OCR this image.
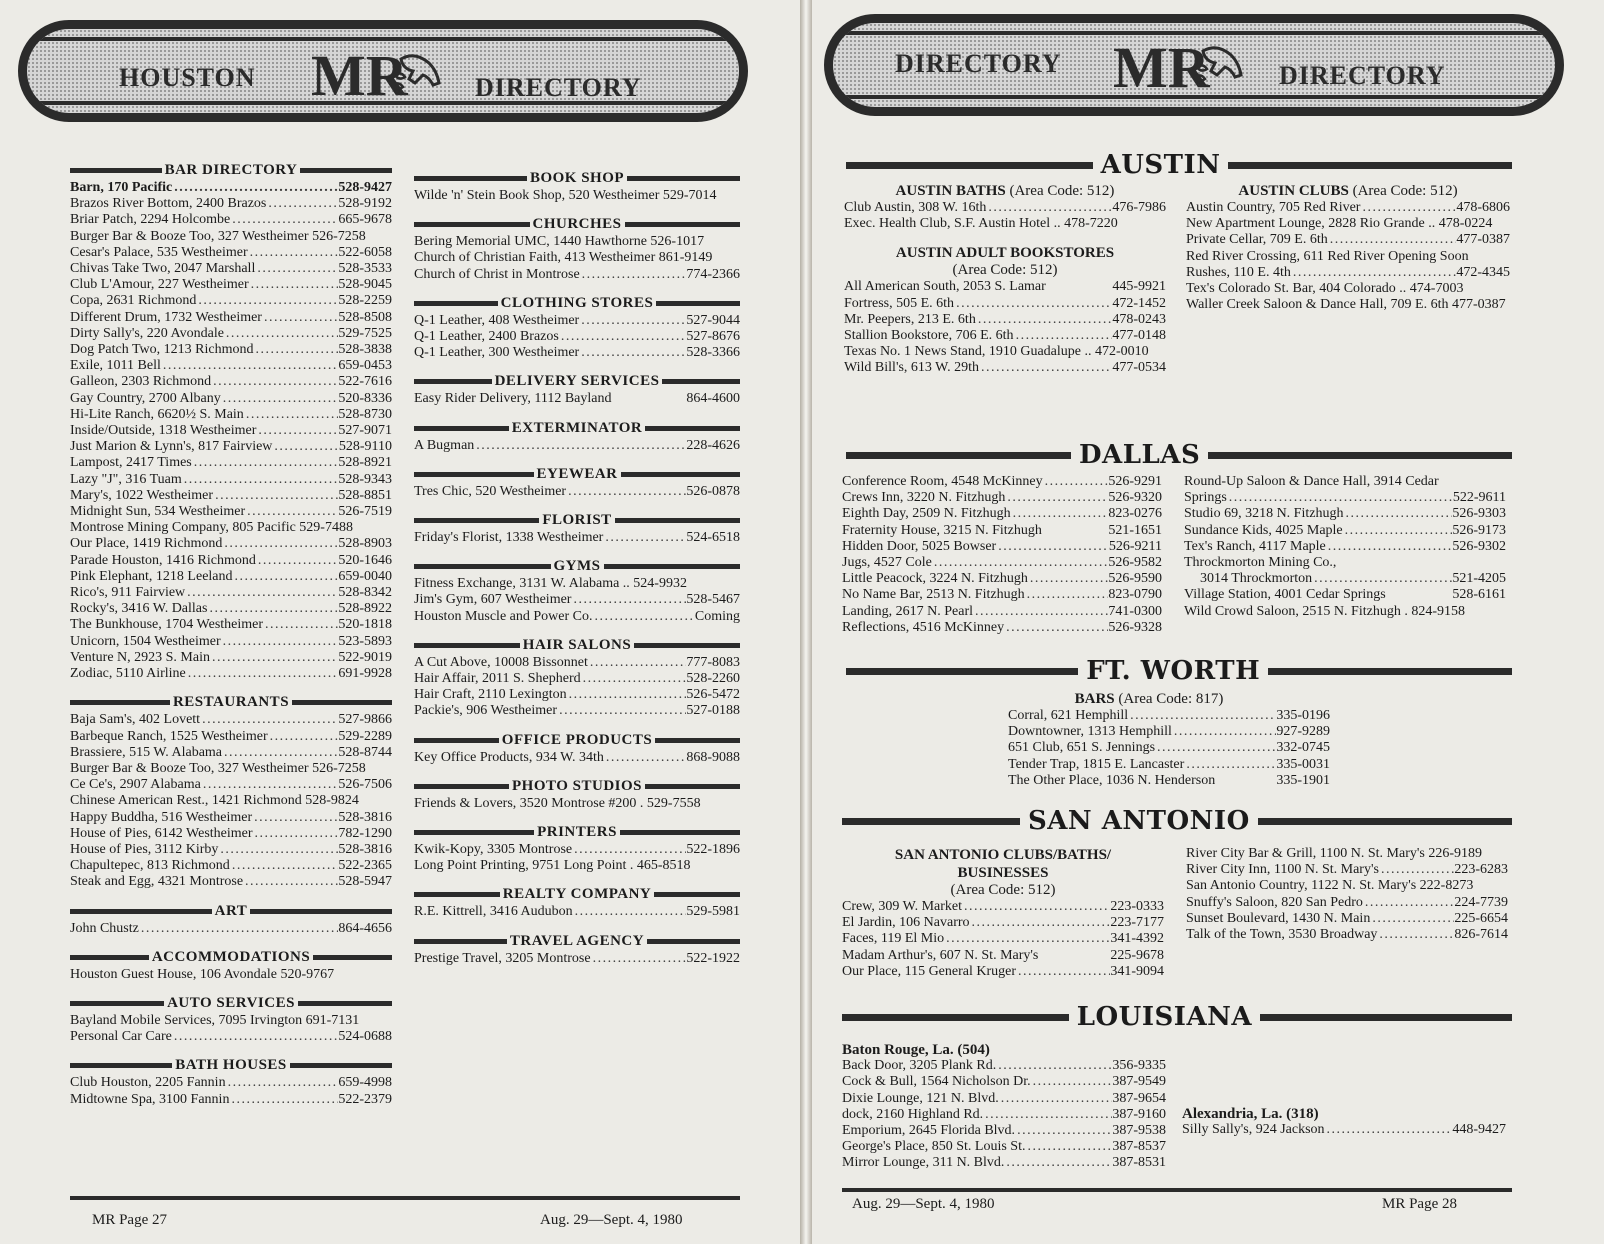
HOUSTON	DIRECTORY
MR
BAR DIRECTORY
Barn, 170 Pacific .....	528-9427
Brazos River Bottom, 2400 Brazos .....	528-9192
Briar Patch, 2294 Holcombe .....	665-9678
Burger Bar & Booze Too, 327 Westheimer 526-7258
Cesar's Palace, 535 Westheimer .....	522-6058
Chivas Take Two, 2047 Marshall .....	528-3533
Club L'Amour, 227 Westheimer .....	528-9045
Copa, 2631 Richmond .....	528-2259
Different Drum, 1732 Westheimer .....	528-8508
Dirty Sally's, 220 Avondale .....	529-7525
Dog Patch Two, 1213 Richmond .....	528-3838
Exile, 1011 Bell .....	659-0453
Galleon, 2303 Richmond .....	522-7616
Gay Country, 2700 Albany .....	520-8336
Hi-Lite Ranch, 6620½ S. Main .....	528-8730
Inside/Outside, 1318 Westheimer .....	527-9071
Just Marion & Lynn's, 817 Fairview .....	528-9110
Lampost, 2417 Times .....	528-8921
Lazy "J", 316 Tuam .....	528-9343
Mary's, 1022 Westheimer .....	528-8851
Midnight Sun, 534 Westheimer .....	526-7519
Montrose Mining Company, 805 Pacific 529-7488
Our Place, 1419 Richmond .....	528-8903
Parade Houston, 1416 Richmond .....	520-1646
Pink Elephant, 1218 Leeland .....	659-0040
Rico's, 911 Fairview .....	528-8342
Rocky's, 3416 W. Dallas .....	528-8922
The Bunkhouse, 1704 Westheimer .....	520-1818
Unicorn, 1504 Westheimer .....	523-5893
Venture N, 2923 S. Main .....	522-9019
Zodiac, 5110 Airline .....	691-9928
RESTAURANTS
Baja Sam's, 402 Lovett .....	527-9866
Barbeque Ranch, 1525 Westheimer .....	529-2289
Brassiere, 515 W. Alabama .....	528-8744
Burger Bar & Booze Too, 327 Westheimer 526-7258
Ce Ce's, 2907 Alabama .....	526-7506
Chinese American Rest., 1421 Richmond 528-9824
Happy Buddha, 516 Westheimer .....	528-3816
House of Pies, 6142 Westheimer .....	782-1290
House of Pies, 3112 Kirby .....	528-3816
Chapultepec, 813 Richmond .....	522-2365
Steak and Egg, 4321 Montrose .....	528-5947
ART
John Chustz .....	864-4656
ACCOMMODATIONS
Houston Guest House, 106 Avondale 520-9767
AUTO SERVICES
Bayland Mobile Services, 7095 Irvington 691-7131
Personal Car Care .....	524-0688
BATH HOUSES
Club Houston, 2205 Fannin .....	659-4998
Midtowne Spa, 3100 Fannin .....	522-2379
BOOK SHOP
Wilde 'n' Stein Book Shop, 520 Westheimer 529-7014
CHURCHES
Bering Memorial UMC, 1440 Hawthorne 526-1017
Church of Christian Faith, 413 Westheimer 861-9149
Church of Christ in Montrose .....	774-2366
CLOTHING STORES
Q-1 Leather, 408 Westheimer .....	527-9044
Q-1 Leather, 2400 Brazos .....	527-8676
Q-1 Leather, 300 Westheimer .....	528-3366
DELIVERY SERVICES
Easy Rider Delivery, 1112 Bayland	864-4600
EXTERMINATOR
A Bugman .....	228-4626
EYEWEAR
Tres Chic, 520 Westheimer .....	526-0878
FLORIST
Friday's Florist, 1338 Westheimer .....	524-6518
GYMS
Fitness Exchange, 3131 W. Alabama .. 524-9932
Jim's Gym, 607 Westheimer .....	528-5467
Houston Muscle and Power Co. .....	Coming
HAIR SALONS
A Cut Above, 10008 Bissonnet .....	777-8083
Hair Affair, 2011 S. Shepherd .....	528-2260
Hair Craft, 2110 Lexington .....	526-5472
Packie's, 906 Westheimer .....	527-0188
OFFICE PRODUCTS
Key Office Products, 934 W. 34th .....	868-9088
PHOTO STUDIOS
Friends & Lovers, 3520 Montrose #200 . 529-7558
PRINTERS
Kwik-Kopy, 3305 Montrose .....	522-1896
Long Point Printing, 9751 Long Point . 465-8518
REALTY COMPANY
R.E. Kittrell, 3416 Audubon .....	529-5981
TRAVEL AGENCY
Prestige Travel, 3205 Montrose .....	522-1922
MR Page 27	Aug. 29—Sept. 4, 1980
DIRECTORY	DIRECTORY
MR
AUSTIN
AUSTIN BATHS (Area Code: 512)
Club Austin, 308 W. 16th .....	476-7986
Exec. Health Club, S.F. Austin Hotel .. 478-7220
AUSTIN ADULT BOOKSTORES
(Area Code: 512)
All American South, 2053 S. Lamar	445-9921
Fortress, 505 E. 6th .....	472-1452
Mr. Peepers, 213 E. 6th .....	478-0243
Stallion Bookstore, 706 E. 6th .....	477-0148
Texas No. 1 News Stand, 1910 Guadalupe .. 472-0010
Wild Bill's, 613 W. 29th .....	477-0534
AUSTIN CLUBS (Area Code: 512)
Austin Country, 705 Red River .....	478-6806
New Apartment Lounge, 2828 Rio Grande .. 478-0224
Private Cellar, 709 E. 6th .....	477-0387
Red River Crossing, 611 Red River Opening Soon
Rushes, 110 E. 4th .....	472-4345
Tex's Colorado St. Bar, 404 Colorado .. 474-7003
Waller Creek Saloon & Dance Hall, 709 E. 6th 477-0387
DALLAS
Conference Room, 4548 McKinney .....	526-9291
Crews Inn, 3220 N. Fitzhugh .....	526-9320
Eighth Day, 2509 N. Fitzhugh .....	823-0276
Fraternity House, 3215 N. Fitzhugh	521-1651
Hidden Door, 5025 Bowser .....	526-9211
Jugs, 4527 Cole .....	526-9582
Little Peacock, 3224 N. Fitzhugh .....	526-9590
No Name Bar, 2513 N. Fitzhugh .....	823-0790
Landing, 2617 N. Pearl .....	741-0300
Reflections, 4516 McKinney .....	526-9328
Round-Up Saloon & Dance Hall, 3914 Cedar
Springs .....	522-9611
Studio 69, 3218 N. Fitzhugh .....	526-9303
Sundance Kids, 4025 Maple .....	526-9173
Tex's Ranch, 4117 Maple .....	526-9302
Throckmorton Mining Co.,
3014 Throckmorton .....	521-4205
Village Station, 4001 Cedar Springs	528-6161
Wild Crowd Saloon, 2515 N. Fitzhugh . 824-9158
FT. WORTH
BARS (Area Code: 817)
Corral, 621 Hemphill .....	335-0196
Downtowner, 1313 Hemphill .....	927-9289
651 Club, 651 S. Jennings .....	332-0745
Tender Trap, 1815 E. Lancaster .....	335-0031
The Other Place, 1036 N. Henderson	335-1901
SAN ANTONIO
SAN ANTONIO CLUBS/BATHS/
BUSINESSES
(Area Code: 512)
Crew, 309 W. Market .....	223-0333
El Jardin, 106 Navarro .....	223-7177
Faces, 119 El Mio .....	341-4392
Madam Arthur's, 607 N. St. Mary's	225-9678
Our Place, 115 General Kruger .....	341-9094
River City Bar & Grill, 1100 N. St. Mary's 226-9189
River City Inn, 1100 N. St. Mary's .....	223-6283
San Antonio Country, 1122 N. St. Mary's 222-8273
Snuffy's Saloon, 820 San Pedro .....	224-7739
Sunset Boulevard, 1430 N. Main .....	225-6654
Talk of the Town, 3530 Broadway .....	826-7614
LOUISIANA
Baton Rouge, La. (504)
Back Door, 3205 Plank Rd. .....	356-9335
Cock & Bull, 1564 Nicholson Dr. .....	387-9549
Dixie Lounge, 121 N. Blvd. .....	387-9654
dock, 2160 Highland Rd. .....	387-9160
Emporium, 2645 Florida Blvd. .....	387-9538
George's Place, 850 St. Louis St. .....	387-8537
Mirror Lounge, 311 N. Blvd. .....	387-8531
Alexandria, La. (318)
Silly Sally's, 924 Jackson .....	448-9427
Aug. 29—Sept. 4, 1980	MR Page 28
